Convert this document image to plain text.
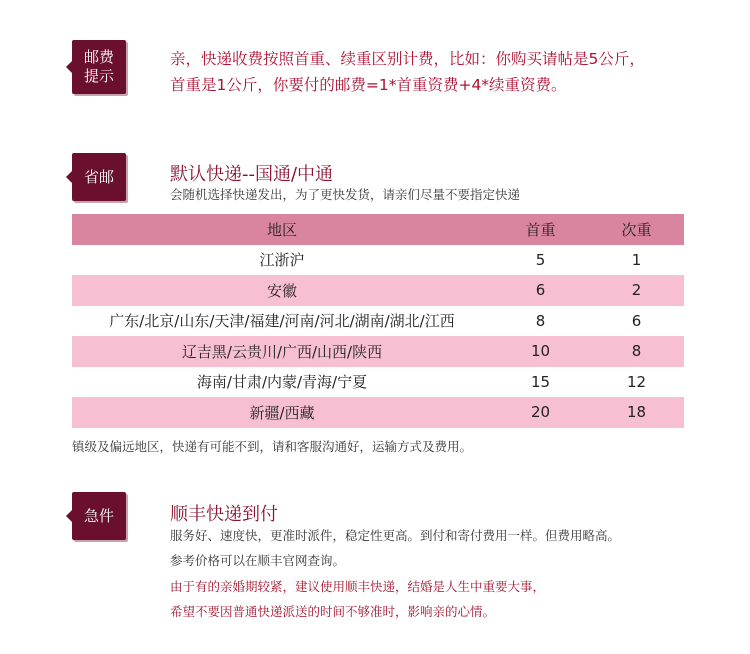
邮费
提示
亲，快递收费按照首重、续重区别计费，比如：你购买请帖是5公斤，
首重是1公斤，你要付的邮费=1*首重资费+4*续重资费。
省邮	默认快递--国通/中通
会随机选择快递发出，为了更快发货，请亲们尽量不要指定快递
地区	首重	次重
江浙沪	5	1
安徽	6	2
广东/北京/山东/天津/福建/河南/河北/湖南/湖北/江西	8	6
辽吉黑/云贵川/广西/山西/陕西	10	8
海南/甘肃/内蒙/青海/宁夏	15	12
新疆/西藏	20	18
镇级及偏远地区，快递有可能不到，请和客服沟通好，运输方式及费用。
急件	顺丰快递到付
服务好、速度快，更准时派件，稳定性更高。到付和寄付费用一样。但费用略高。
参考价格可以在顺丰官网查询。
由于有的亲婚期较紧，建议使用顺丰快递，结婚是人生中重要大事，
希望不要因普通快递派送的时间不够准时，影响亲的心情。
